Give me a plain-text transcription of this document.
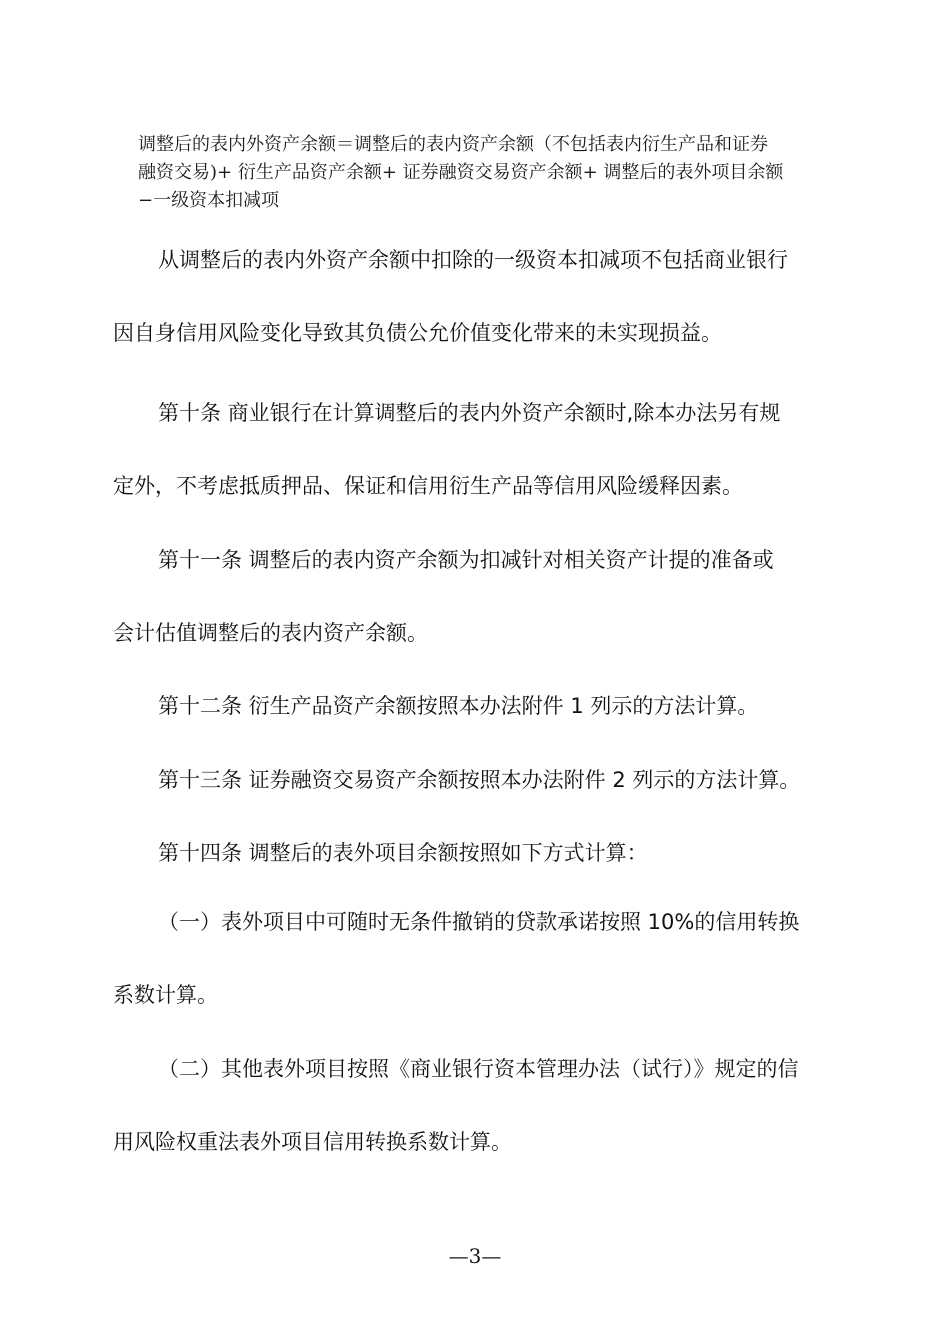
调整后的表内外资产余额＝调整后的表内资产余额（不包括表内衍生产品和证券
融资交易)+ 衍生产品资产余额+ 证券融资交易资产余额+ 调整后的表外项目余额
−一级资本扣减项
从调整后的表内外资产余额中扣除的一级资本扣减项不包括商业银行
因自身信用风险变化导致其负债公允价值变化带来的未实现损益。
第十条 商业银行在计算调整后的表内外资产余额时,除本办法另有规
定外，不考虑抵质押品、保证和信用衍生产品等信用风险缓释因素。
第十一条 调整后的表内资产余额为扣减针对相关资产计提的准备或
会计估值调整后的表内资产余额。
第十二条 衍生产品资产余额按照本办法附件 1 列示的方法计算。
第十三条 证券融资交易资产余额按照本办法附件 2 列示的方法计算。
第十四条 调整后的表外项目余额按照如下方式计算：
（一）表外项目中可随时无条件撤销的贷款承诺按照 10%的信用转换
系数计算。
（二）其他表外项目按照《商业银行资本管理办法（试行）》规定的信
用风险权重法表外项目信用转换系数计算。
—3—
